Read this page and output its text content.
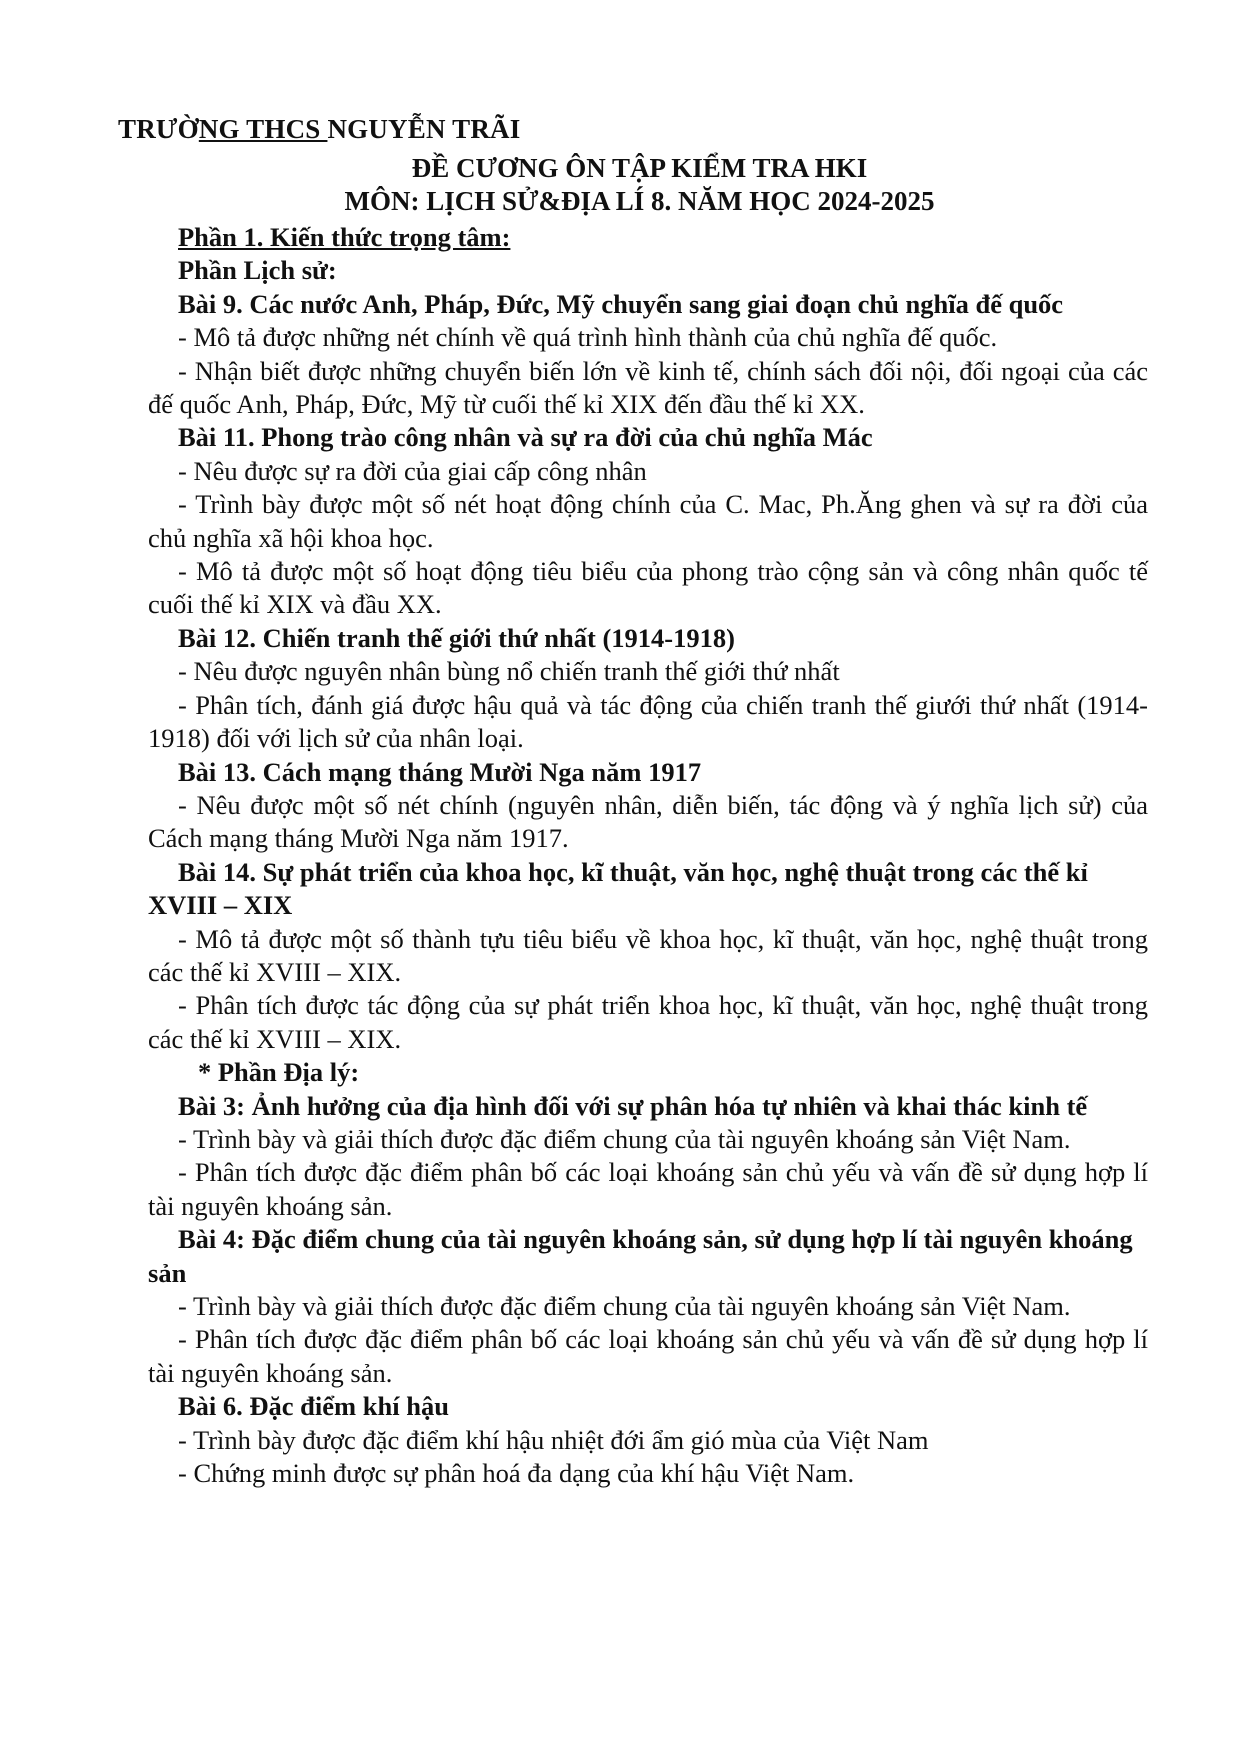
TRƯỜNG THCS NGUYỄN TRÃI
ĐỀ CƯƠNG ÔN TẬP KIỂM TRA HKI
MÔN: LỊCH SỬ&ĐỊA LÍ 8. NĂM HỌC 2024-2025

Phần 1. Kiến thức trọng tâm:

Phần Lịch sử:

Bài 9. Các nước Anh, Pháp, Đức, Mỹ chuyển sang giai đoạn chủ nghĩa đế quốc

- Mô tả được những nét chính về quá trình hình thành của chủ nghĩa đế quốc.

- Nhận biết được những chuyển biến lớn về kinh tế, chính sách đối nội, đối ngoại của các đế quốc Anh, Pháp, Đức, Mỹ từ cuối thế kỉ XIX đến đầu thế kỉ XX.

Bài 11. Phong trào công nhân và sự ra đời của chủ nghĩa Mác

- Nêu được sự ra đời của giai cấp công nhân

- Trình bày được một số nét hoạt động chính của C. Mac, Ph.Ăng ghen và sự ra đời của chủ nghĩa xã hội khoa học.

- Mô tả được một số hoạt động tiêu biểu của phong trào cộng sản và công nhân quốc tế cuối thế kỉ XIX và đầu XX.

Bài 12. Chiến tranh thế giới thứ nhất (1914-1918)

- Nêu được nguyên nhân bùng nổ chiến tranh thế giới thứ nhất

- Phân tích, đánh giá được hậu quả và tác động của chiến tranh thế giưới thứ nhất (1914-1918) đối với lịch sử của nhân loại.

Bài 13. Cách mạng tháng Mười Nga năm 1917

- Nêu được một số nét chính (nguyên nhân, diễn biến, tác động và ý nghĩa lịch sử) của Cách mạng tháng Mười Nga năm 1917.

Bài 14. Sự phát triển của khoa học, kĩ thuật, văn học, nghệ thuật trong các thế kỉ XVIII – XIX

- Mô tả được một số thành tựu tiêu biểu về khoa học, kĩ thuật, văn học, nghệ thuật trong các thế kỉ XVIII – XIX.

- Phân tích được tác động của sự phát triển khoa học, kĩ thuật, văn học, nghệ thuật trong các thế kỉ XVIII – XIX.

* Phần Địa lý:

Bài 3: Ảnh hưởng của địa hình đối với sự phân hóa tự nhiên và khai thác kinh tế

- Trình bày và giải thích được đặc điểm chung của tài nguyên khoáng sản Việt Nam.

- Phân tích được đặc điểm phân bố các loại khoáng sản chủ yếu và vấn đề sử dụng hợp lí tài nguyên khoáng sản.

Bài 4: Đặc điểm chung của tài nguyên khoáng sản, sử dụng hợp lí tài nguyên khoáng sản

- Trình bày và giải thích được đặc điểm chung của tài nguyên khoáng sản Việt Nam.

- Phân tích được đặc điểm phân bố các loại khoáng sản chủ yếu và vấn đề sử dụng hợp lí tài nguyên khoáng sản.

Bài 6. Đặc điểm khí hậu

- Trình bày được đặc điểm khí hậu nhiệt đới ẩm gió mùa của Việt Nam

- Chứng minh được sự phân hoá đa dạng của khí hậu Việt Nam.
